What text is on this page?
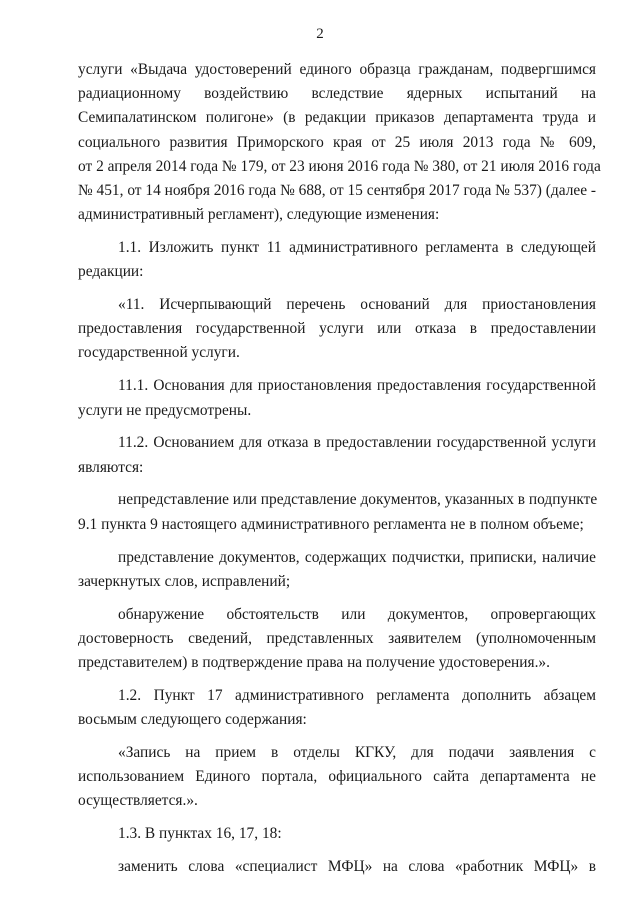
2
услуги «Выдача удостоверений единого образца гражданам, подвергшимся
радиационному воздействию вследствие ядерных испытаний на
Семипалатинском полигоне» (в редакции приказов департамента труда и
социального развития Приморского края от 25 июля 2013 года № 609,
от 2 апреля 2014 года № 179, от 23 июня 2016 года № 380, от 21 июля 2016 года
№ 451, от 14 ноября 2016 года № 688, от 15 сентября 2017 года № 537) (далее -
административный регламент), следующие изменения:
1.1. Изложить пункт 11 административного регламента в следующей
редакции:
«11. Исчерпывающий перечень оснований для приостановления
предоставления государственной услуги или отказа в предоставлении
государственной услуги.
11.1. Основания для приостановления предоставления государственной
услуги не предусмотрены.
11.2. Основанием для отказа в предоставлении государственной услуги
являются:
непредставление или представление документов, указанных в подпункте
9.1 пункта 9 настоящего административного регламента не в полном объеме;
представление документов, содержащих подчистки, приписки, наличие
зачеркнутых слов, исправлений;
обнаружение обстоятельств или документов, опровергающих
достоверность сведений, представленных заявителем (уполномоченным
представителем) в подтверждение права на получение удостоверения.».
1.2. Пункт 17 административного регламента дополнить абзацем
восьмым следующего содержания:
«Запись на прием в отделы КГКУ, для подачи заявления с
использованием Единого портала, официального сайта департамента не
осуществляется.».
1.3. В пунктах 16, 17, 18:
заменить слова «специалист МФЦ» на слова «работник МФЦ» в
